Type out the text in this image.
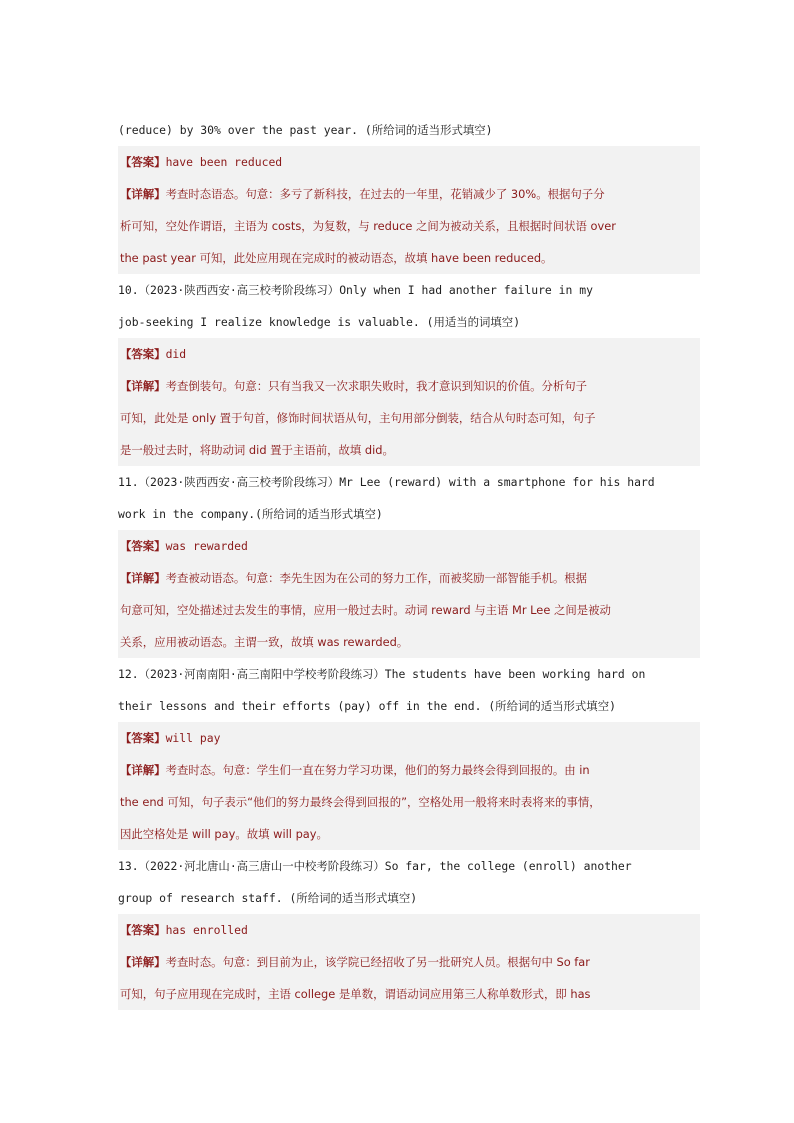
(reduce) by 30% over the past year. (所给词的适当形式填空)
【答案】have been reduced
【详解】考查时态语态。句意：多亏了新科技，在过去的一年里，花销减少了 30%。根据句子分
析可知，空处作谓语，主语为 costs，为复数，与 reduce 之间为被动关系，且根据时间状语 over
the past year 可知，此处应用现在完成时的被动语态，故填 have been reduced。
10.（2023·陕西西安·高三校考阶段练习）Only when I had another failure in my
job-seeking I realize knowledge is valuable. (用适当的词填空)
【答案】did
【详解】考查倒装句。句意：只有当我又一次求职失败时，我才意识到知识的价值。分析句子
可知，此处是 only 置于句首，修饰时间状语从句，主句用部分倒装，结合从句时态可知，句子
是一般过去时，将助动词 did 置于主语前，故填 did。
11.（2023·陕西西安·高三校考阶段练习）Mr Lee (reward) with a smartphone for his hard
work in the company.(所给词的适当形式填空)
【答案】was rewarded
【详解】考查被动语态。句意：李先生因为在公司的努力工作，而被奖励一部智能手机。根据
句意可知，空处描述过去发生的事情，应用一般过去时。动词 reward 与主语 Mr Lee 之间是被动
关系，应用被动语态。主谓一致，故填 was rewarded。
12.（2023·河南南阳·高三南阳中学校考阶段练习）The students have been working hard on
their lessons and their efforts (pay) off in the end. (所给词的适当形式填空)
【答案】will pay
【详解】考查时态。句意：学生们一直在努力学习功课，他们的努力最终会得到回报的。由 in
the end 可知，句子表示“他们的努力最终会得到回报的”，空格处用一般将来时表将来的事情，
因此空格处是 will pay。故填 will pay。
13.（2022·河北唐山·高三唐山一中校考阶段练习）So far, the college (enroll) another
group of research staff. (所给词的适当形式填空)
【答案】has enrolled
【详解】考查时态。句意：到目前为止，该学院已经招收了另一批研究人员。根据句中 So far
可知，句子应用现在完成时，主语 college 是单数，谓语动词应用第三人称单数形式，即 has
